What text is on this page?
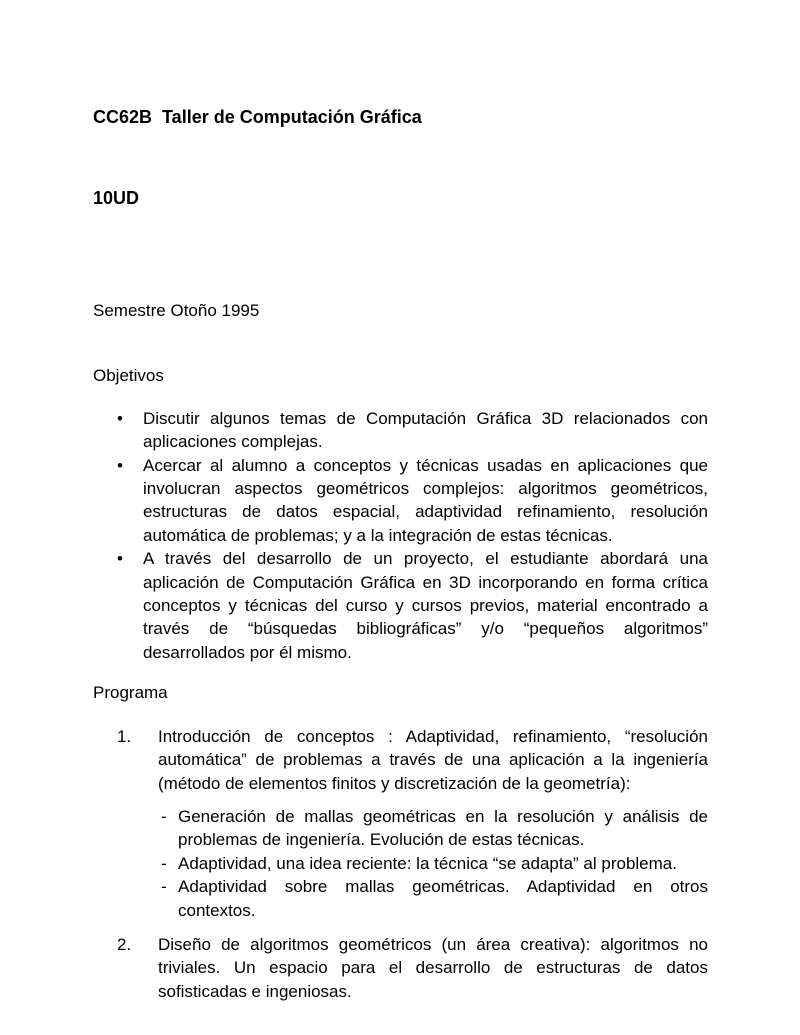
CC62B  Taller de Computación Gráfica

10UD

Semestre Otoño 1995

Objetivos

• Discutir algunos temas de Computación Gráfica 3D relacionados con aplicaciones complejas.

• Acercar al alumno a conceptos y técnicas usadas en aplicaciones que involucran aspectos geométricos complejos: algoritmos geométricos, estructuras de datos espacial, adaptividad refinamiento, resolución automática de problemas; y a la integración de estas técnicas.

• A través del desarrollo de un proyecto, el estudiante abordará una aplicación de Computación Gráfica en 3D incorporando en forma crítica conceptos y técnicas del curso y cursos previos, material encontrado a través de “búsquedas bibliográficas” y/o “pequeños algoritmos” desarrollados por él mismo.

Programa

1. Introducción de conceptos : Adaptividad, refinamiento, “resolución automática” de problemas a través de una aplicación a la ingeniería (método de elementos finitos y discretización de la geometría):

- Generación de mallas geométricas en la resolución y análisis de problemas de ingeniería. Evolución de estas técnicas.

- Adaptividad, una idea reciente: la técnica “se adapta” al problema.

- Adaptividad sobre mallas geométricas. Adaptividad en otros contextos.

2. Diseño de algoritmos geométricos (un área creativa): algoritmos no triviales. Un espacio para el desarrollo de estructuras de datos sofisticadas e ingeniosas.
